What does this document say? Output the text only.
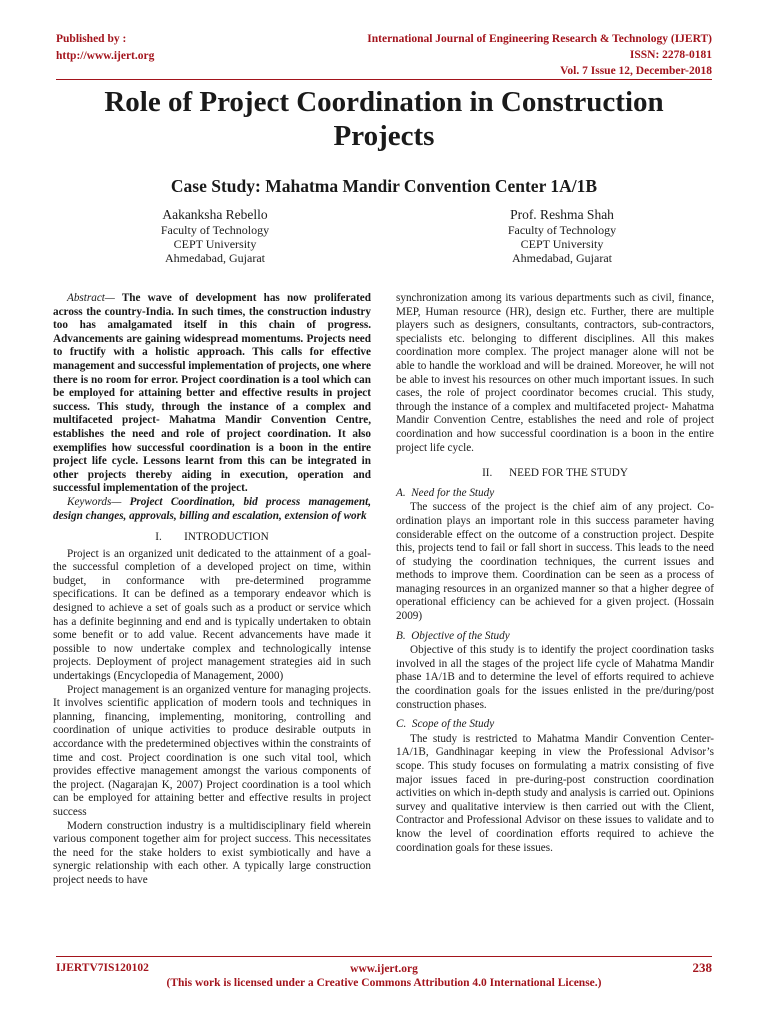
Published by :
http://www.ijert.org
International Journal of Engineering Research & Technology (IJERT)
ISSN: 2278-0181
Vol. 7 Issue 12, December-2018
Role of Project Coordination in Construction
Projects
Case Study: Mahatma Mandir Convention Center 1A/1B
Aakanksha Rebello
Faculty of Technology
CEPT University
Ahmedabad, Gujarat
Prof. Reshma Shah
Faculty of Technology
CEPT University
Ahmedabad, Gujarat

Abstract— The wave of development has now proliferated across the country-India. In such times, the construction industry too has amalgamated itself in this chain of progress. Advancements are gaining widespread momentums. Projects need to fructify with a holistic approach. This calls for effective management and successful implementation of projects, one where there is no room for error. Project coordination is a tool which can be employed for attaining better and effective results in project success. This study, through the instance of a complex and multifaceted project- Mahatma Mandir Convention Centre, establishes the need and role of project coordination. It also exemplifies how successful coordination is a boon in the entire project life cycle. Lessons learnt from this can be integrated in other projects thereby aiding in execution, operation and successful implementation of the project.

Keywords— Project Coordination, bid process management, design changes, approvals, billing and escalation, extension of work

I.        INTRODUCTION

Project is an organized unit dedicated to the attainment of a goal- the successful completion of a developed project on time, within budget, in conformance with pre-determined programme specifications. It can be defined as a temporary endeavor which is designed to achieve a set of goals such as a product or service which has a definite beginning and end and is typically undertaken to obtain some benefit or to add value. Recent advancements have made it possible to now undertake complex and technologically intense projects. Deployment of project management strategies aid in such undertakings (Encyclopedia of Management, 2000)

Project management is an organized venture for managing projects. It involves scientific application of modern tools and techniques in planning, financing, implementing, monitoring, controlling and coordination of unique activities to produce desirable outputs in accordance with the predetermined objectives within the constraints of time and cost. Project coordination is one such vital tool, which provides effective management amongst the various components of the project. (Nagarajan K, 2007) Project coordination is a tool which can be employed for attaining better and effective results in project success

Modern construction industry is a multidisciplinary field wherein various component together aim for project success. This necessitates the need for the stake holders to exist symbiotically and have a synergic relationship with each other. A typically large construction project needs to have

synchronization among its various departments such as civil, finance, MEP, Human resource (HR), design etc. Further, there are multiple players such as designers, consultants, contractors, sub-contractors, specialists etc. belonging to different disciplines. All this makes coordination more complex. The project manager alone will not be able to handle the workload and will be drained. Moreover, he will not be able to invest his resources on other much important issues. In such cases, the role of project coordinator becomes crucial. This study, through the instance of a complex and multifaceted project- Mahatma Mandir Convention Centre, establishes the need and role of project coordination and how successful coordination is a boon in the entire project life cycle.

II.      NEED FOR THE STUDY
A.  Need for the Study

The success of the project is the chief aim of any project. Co-ordination plays an important role in this success parameter having considerable effect on the outcome of a construction project. Despite this, projects tend to fail or fall short in success. This leads to the need of studying the coordination techniques, the current issues and methods to improve them. Coordination can be seen as a process of managing resources in an organized manner so that a higher degree of operational efficiency can be achieved for a given project. (Hossain 2009)

B.  Objective of the Study

Objective of this study is to identify the project coordination tasks involved in all the stages of the project life cycle of Mahatma Mandir phase 1A/1B and to determine the level of efforts required to achieve the coordination goals for the issues enlisted in the pre/during/post construction phases.

C.  Scope of the Study

The study is restricted to Mahatma Mandir Convention Center- 1A/1B, Gandhinagar keeping in view the Professional Advisor’s scope. This study focuses on formulating a matrix consisting of five major issues faced in pre-during-post construction coordination activities on which in-depth study and analysis is carried out. Opinions survey and qualitative interview is then carried out with the Client, Contractor and Professional Advisor on these issues to validate and to know the level of coordination efforts required to achieve the coordination goals for these issues.

IJERTV7IS120102	www.ijert.org
(This work is licensed under a Creative Commons Attribution 4.0 International License.)
238
